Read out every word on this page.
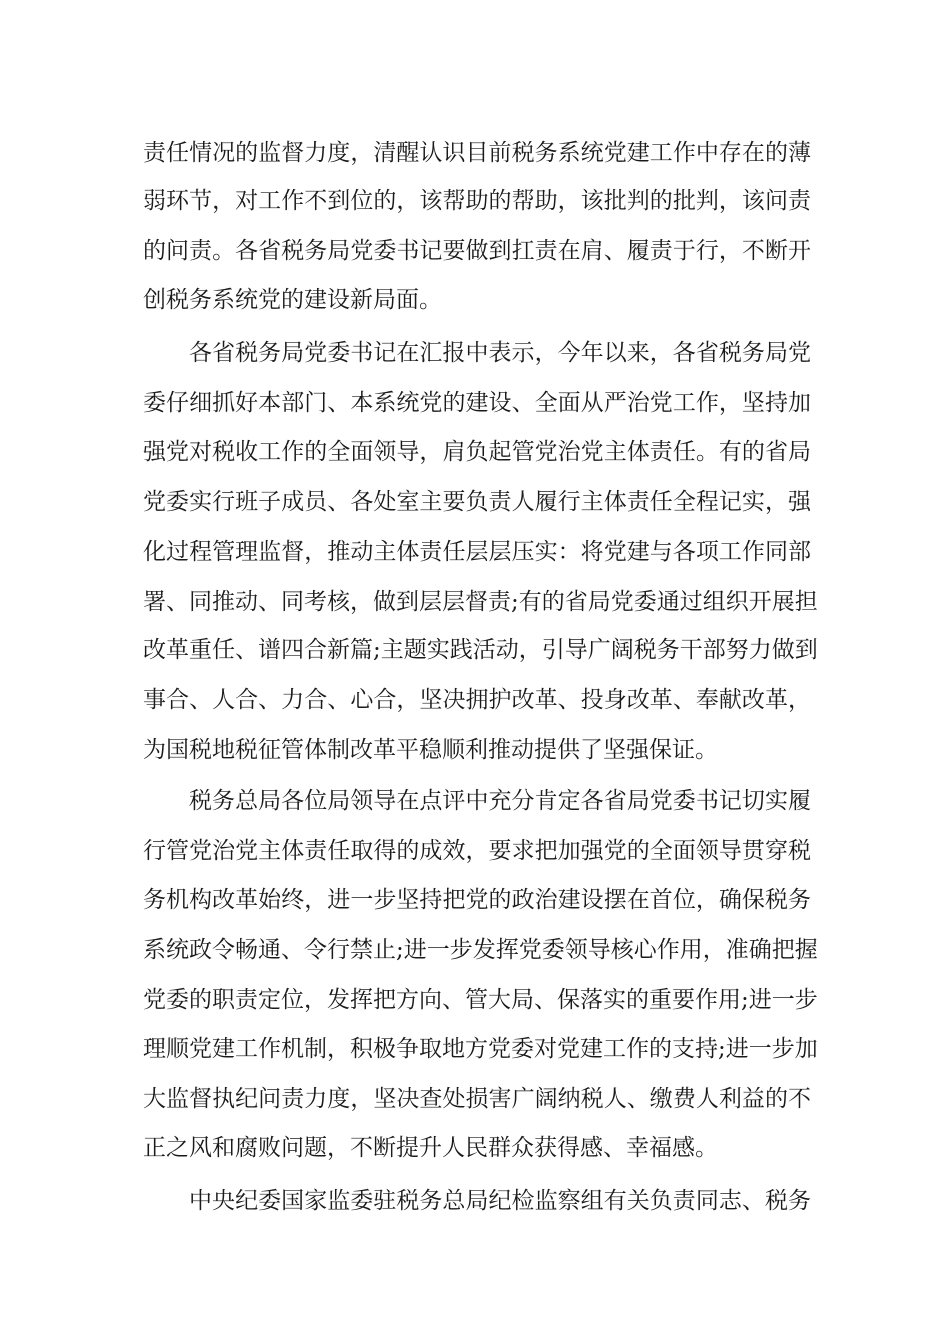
责任情况的监督力度，清醒认识目前税务系统党建工作中存在的薄
弱环节，对工作不到位的，该帮助的帮助，该批判的批判，该问责
的问责。各省税务局党委书记要做到扛责在肩、履责于行，不断开
创税务系统党的建设新局面。
各省税务局党委书记在汇报中表示，今年以来，各省税务局党
委仔细抓好本部门、本系统党的建设、全面从严治党工作，坚持加
强党对税收工作的全面领导，肩负起管党治党主体责任。有的省局
党委实行班子成员、各处室主要负责人履行主体责任全程记实，强
化过程管理监督，推动主体责任层层压实：将党建与各项工作同部
署、同推动、同考核，做到层层督责;有的省局党委通过组织开展担
改革重任、谱四合新篇;主题实践活动，引导广阔税务干部努力做到
事合、人合、力合、心合，坚决拥护改革、投身改革、奉献改革，
为国税地税征管体制改革平稳顺利推动提供了坚强保证。
税务总局各位局领导在点评中充分肯定各省局党委书记切实履
行管党治党主体责任取得的成效，要求把加强党的全面领导贯穿税
务机构改革始终，进一步坚持把党的政治建设摆在首位，确保税务
系统政令畅通、令行禁止;进一步发挥党委领导核心作用，准确把握
党委的职责定位，发挥把方向、管大局、保落实的重要作用;进一步
理顺党建工作机制，积极争取地方党委对党建工作的支持;进一步加
大监督执纪问责力度，坚决查处损害广阔纳税人、缴费人利益的不
正之风和腐败问题，不断提升人民群众获得感、幸福感。
中央纪委国家监委驻税务总局纪检监察组有关负责同志、税务
